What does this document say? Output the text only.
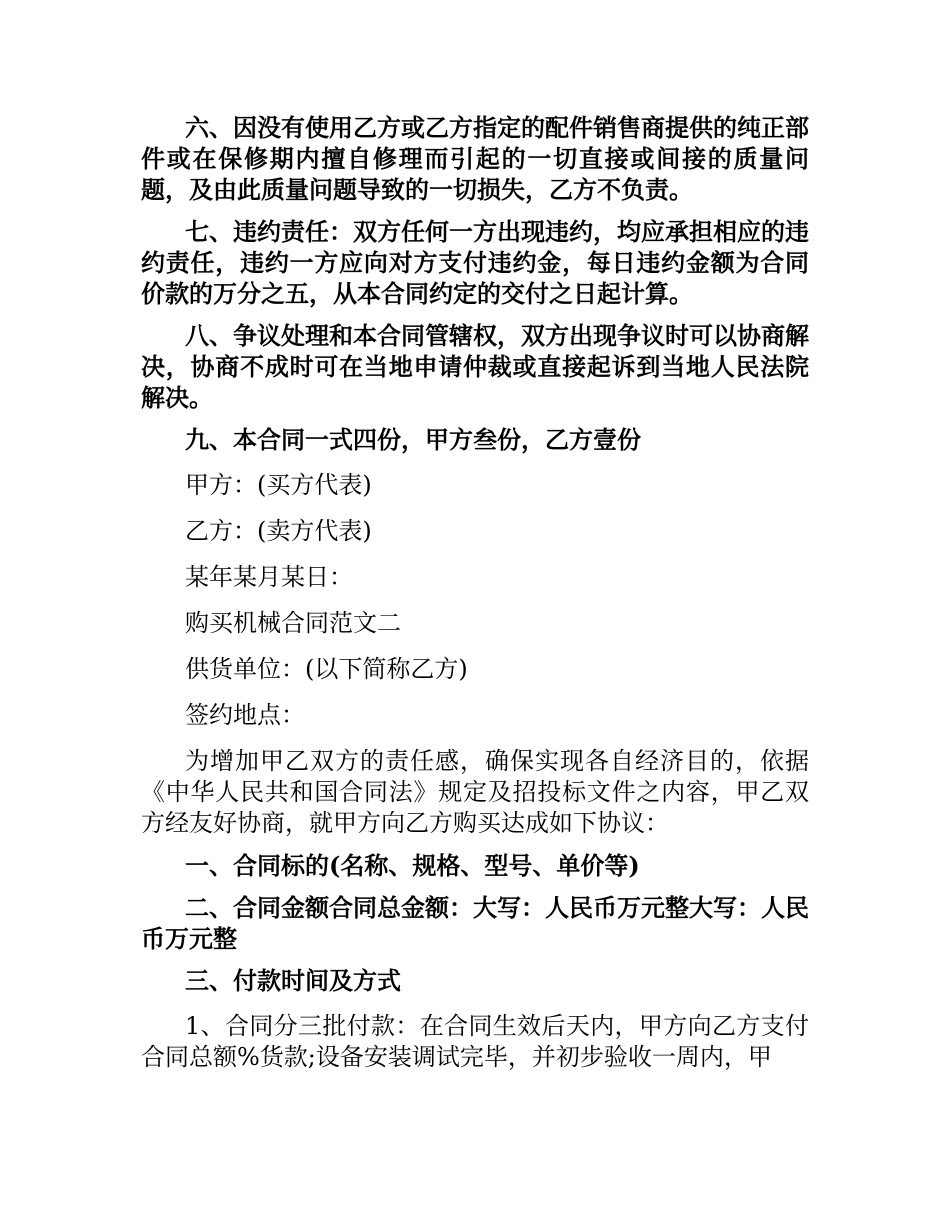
六、因没有使用乙方或乙方指定的配件销售商提供的纯正部件或在保修期内擅自修理而引起的一切直接或间接的质量问题，及由此质量问题导致的一切损失，乙方不负责。

七、违约责任：双方任何一方出现违约，均应承担相应的违约责任，违约一方应向对方支付违约金，每日违约金额为合同价款的万分之五，从本合同约定的交付之日起计算。

八、争议处理和本合同管辖权，双方出现争议时可以协商解决，协商不成时可在当地申请仲裁或直接起诉到当地人民法院解决。

九、本合同一式四份，甲方叁份，乙方壹份

甲方：(买方代表)

乙方：(卖方代表)

某年某月某日：

购买机械合同范文二

供货单位：(以下简称乙方)

签约地点：

为增加甲乙双方的责任感，确保实现各自经济目的，依据《中华人民共和国合同法》规定及招投标文件之内容，甲乙双方经友好协商，就甲方向乙方购买达成如下协议：

一、合同标的(名称、规格、型号、单价等)

二、合同金额合同总金额：大写：人民币万元整大写：人民币万元整

三、付款时间及方式

1、合同分三批付款：在合同生效后天内，甲方向乙方支付合同总额%货款;设备安装调试完毕，并初步验收一周内，甲
